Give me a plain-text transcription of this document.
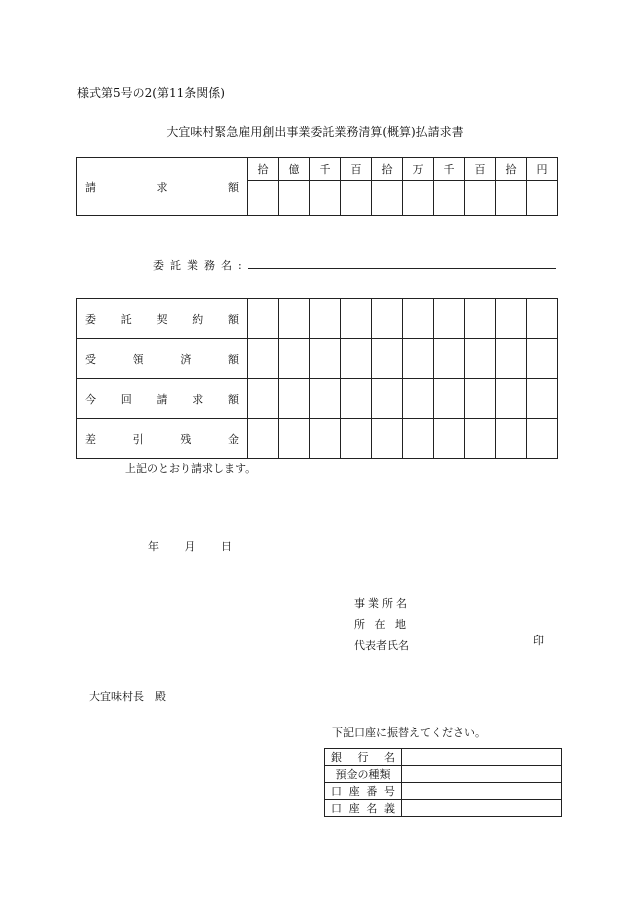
様式第5号の2(第11条関係)
大宜味村緊急雇用創出事業委託業務清算(概算)払請求書
請 求 額	拾	億	千	百	拾	万	千	百	拾	円

委託業務名:
委 託 契 約 額										

受 領 済 額										

今 回 請 求 額										

差 引 残 金										

上記のとおり請求します。
年 月 日
事業所名
所 在 地
代表者氏名	印
大宜味村長　殿
下記口座に振替えてください。
銀 行 名	

預金の種類	

口 座 番 号	

口 座 名 義	
